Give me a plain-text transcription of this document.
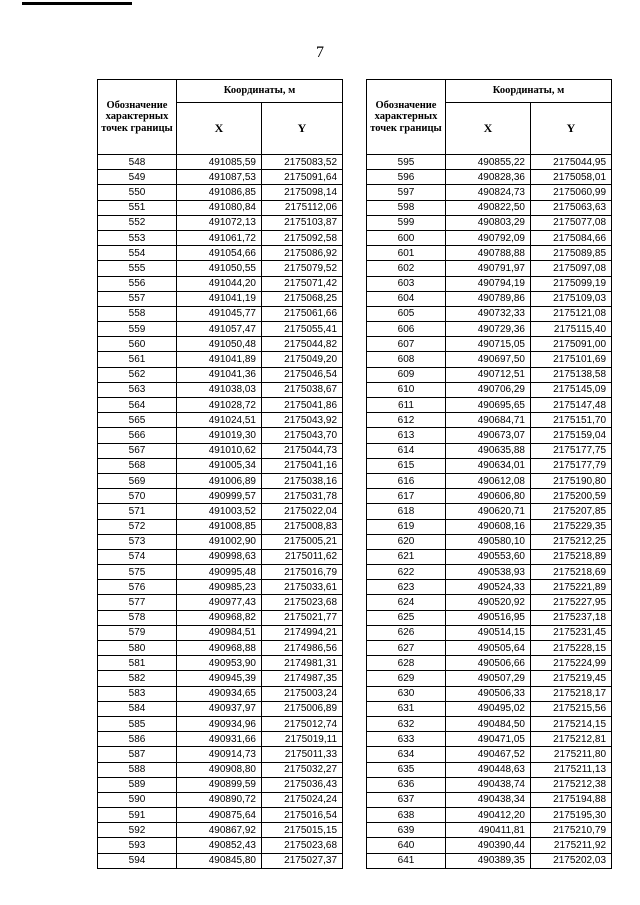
7
Обозначение характерных точек границы	Координаты, м	
	X	Y
548	491085,59	2175083,52
549	491087,53	2175091,64
550	491086,85	2175098,14
551	491080,84	2175112,06
552	491072,13	2175103,87
553	491061,72	2175092,58
554	491054,66	2175086,92
555	491050,55	2175079,52
556	491044,20	2175071,42
557	491041,19	2175068,25
558	491045,77	2175061,66
559	491057,47	2175055,41
560	491050,48	2175044,82
561	491041,89	2175049,20
562	491041,36	2175046,54
563	491038,03	2175038,67
564	491028,72	2175041,86
565	491024,51	2175043,92
566	491019,30	2175043,70
567	491010,62	2175044,73
568	491005,34	2175041,16
569	491006,89	2175038,16
570	490999,57	2175031,78
571	491003,52	2175022,04
572	491008,85	2175008,83
573	491002,90	2175005,21
574	490998,63	2175011,62
575	490995,48	2175016,79
576	490985,23	2175033,61
577	490977,43	2175023,68
578	490968,82	2175021,77
579	490984,51	2174994,21
580	490968,88	2174986,56
581	490953,90	2174981,31
582	490945,39	2174987,35
583	490934,65	2175003,24
584	490937,97	2175006,89
585	490934,96	2175012,74
586	490931,66	2175019,11
587	490914,73	2175011,33
588	490908,80	2175032,27
589	490899,59	2175036,43
590	490890,72	2175024,24
591	490875,64	2175016,54
592	490867,92	2175015,15
593	490852,43	2175023,68
594	490845,80	2175027,37
Обозначение характерных точек границы	Координаты, м	
	X	Y
595	490855,22	2175044,95
596	490828,36	2175058,01
597	490824,73	2175060,99
598	490822,50	2175063,63
599	490803,29	2175077,08
600	490792,09	2175084,66
601	490788,88	2175089,85
602	490791,97	2175097,08
603	490794,19	2175099,19
604	490789,86	2175109,03
605	490732,33	2175121,08
606	490729,36	2175115,40
607	490715,05	2175091,00
608	490697,50	2175101,69
609	490712,51	2175138,58
610	490706,29	2175145,09
611	490695,65	2175147,48
612	490684,71	2175151,70
613	490673,07	2175159,04
614	490635,88	2175177,75
615	490634,01	2175177,79
616	490612,08	2175190,80
617	490606,80	2175200,59
618	490620,71	2175207,85
619	490608,16	2175229,35
620	490580,10	2175212,25
621	490553,60	2175218,89
622	490538,93	2175218,69
623	490524,33	2175221,89
624	490520,92	2175227,95
625	490516,95	2175237,18
626	490514,15	2175231,45
627	490505,64	2175228,15
628	490506,66	2175224,99
629	490507,29	2175219,45
630	490506,33	2175218,17
631	490495,02	2175215,56
632	490484,50	2175214,15
633	490471,05	2175212,81
634	490467,52	2175211,80
635	490448,63	2175211,13
636	490438,74	2175212,38
637	490438,34	2175194,88
638	490412,20	2175195,30
639	490411,81	2175210,79
640	490390,44	2175211,92
641	490389,35	2175202,03
